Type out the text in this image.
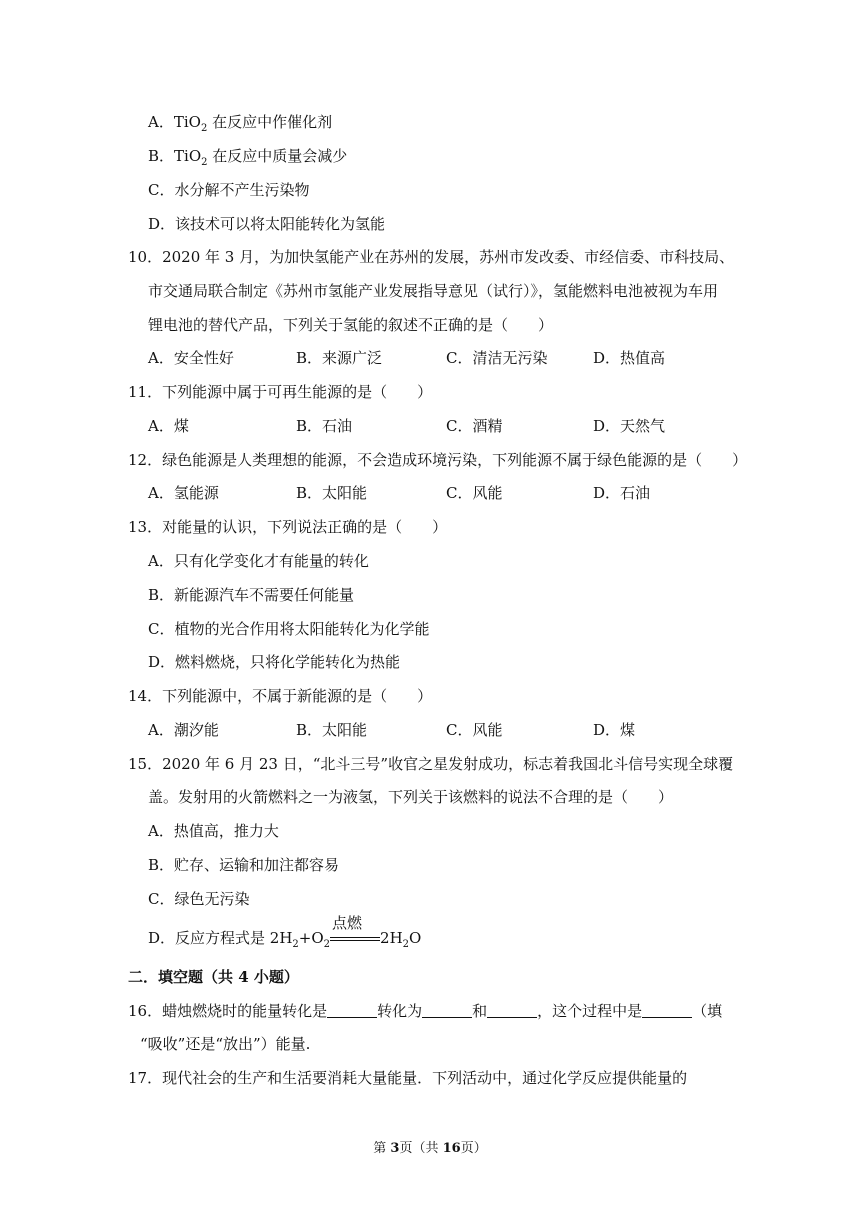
A．TiO$_2$ 在反应中作催化剂
B．TiO$_2$ 在反应中质量会减少
C．水分解不产生污染物
D．该技术可以将太阳能转化为氢能
10．2020 年 3 月，为加快氢能产业在苏州的发展，苏州市发改委、市经信委、市科技局、
市交通局联合制定《苏州市氢能产业发展指导意见（试行）》，氢能燃料电池被视为车用
锂电池的替代产品，下列关于氢能的叙述不正确的是（　　）
A．安全性好	B．来源广泛	C．清洁无污染	D．热值高
11．下列能源中属于可再生能源的是（　　）
A．煤	B．石油	C．酒精	D．天然气
12．绿色能源是人类理想的能源，不会造成环境污染，下列能源不属于绿色能源的是（　　）
A．氢能源	B．太阳能	C．风能	D．石油
13．对能量的认识，下列说法正确的是（　　）
A．只有化学变化才有能量的转化
B．新能源汽车不需要任何能量
C．植物的光合作用将太阳能转化为化学能
D．燃料燃烧，只将化学能转化为热能
14．下列能源中，不属于新能源的是（　　）
A．潮汐能	B．太阳能	C．风能	D．煤
15．2020 年 6 月 23 日，“北斗三号”收官之星发射成功，标志着我国北斗信号实现全球覆
盖。发射用的火箭燃料之一为液氢，下列关于该燃料的说法不合理的是（　　）
A．热值高，推力大
B．贮存、运输和加注都容易
C．绿色无污染
D．反应方程式是 $2H_2+O_2$
点燃
$2H_2O$
二．填空题（共 4 小题）
16．蜡烛燃烧时的能量转化是	转化为	和	，这个过程中是	（填
“吸收”还是“放出”）能量.
17．现代社会的生产和生活要消耗大量能量．下列活动中，通过化学反应提供能量的
第 3页（共 16页）
